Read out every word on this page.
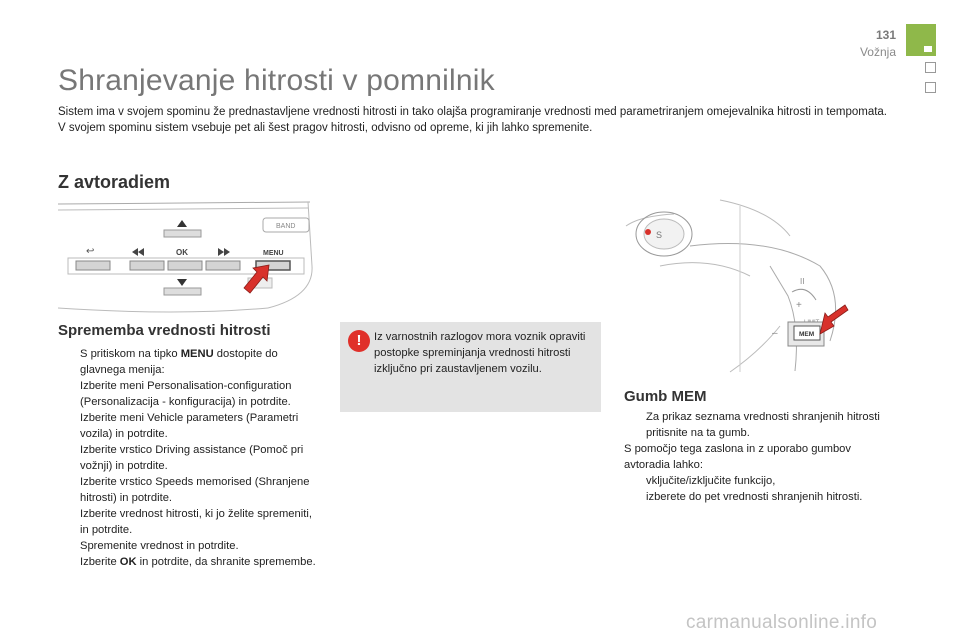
131
Vožnja
Shranjevanje hitrosti v pomnilnik

Sistem ima v svojem spominu že prednastavljene vrednosti hitrosti in tako olajša programiranje vrednosti med parametriranjem omejevalnika hitrosti in tempomata.

V svojem spominu sistem vsebuje pet ali šest pragov hitrosti, odvisno od opreme, ki jih lahko spremenite.

Z avtoradiem
BAND
↩	OK	MENU
S
II
+
–	MEM
Sprememba vrednosti hitrosti
S pritiskom na tipko MENU dostopite do glavnega menija:
Izberite meni Personalisation-configuration (Personalizacija - konfiguracija) in potrdite.
Izberite meni Vehicle parameters (Parametri vozila) in potrdite.
Izberite vrstico Driving assistance (Pomoč pri vožnji) in potrdite.
Izberite vrstico Speeds memorised (Shranjene hitrosti) in potrdite.
Izberite vrednost hitrosti, ki jo želite spremeniti, in potrdite.
Spremenite vrednost in potrdite.
Izberite OK in potrdite, da shranite spremembe.
!	Iz varnostnih razlogov mora voznik opraviti postopke spreminjanja vrednosti hitrosti izključno pri zaustavljenem vozilu.
Gumb MEM
Za prikaz seznama vrednosti shranjenih hitrosti pritisnite na ta gumb.
S pomočjo tega zaslona in z uporabo gumbov avtoradia lahko:
vključite/izključite funkcijo,
izberete do pet vrednosti shranjenih hitrosti.
carmanualsonline.info
